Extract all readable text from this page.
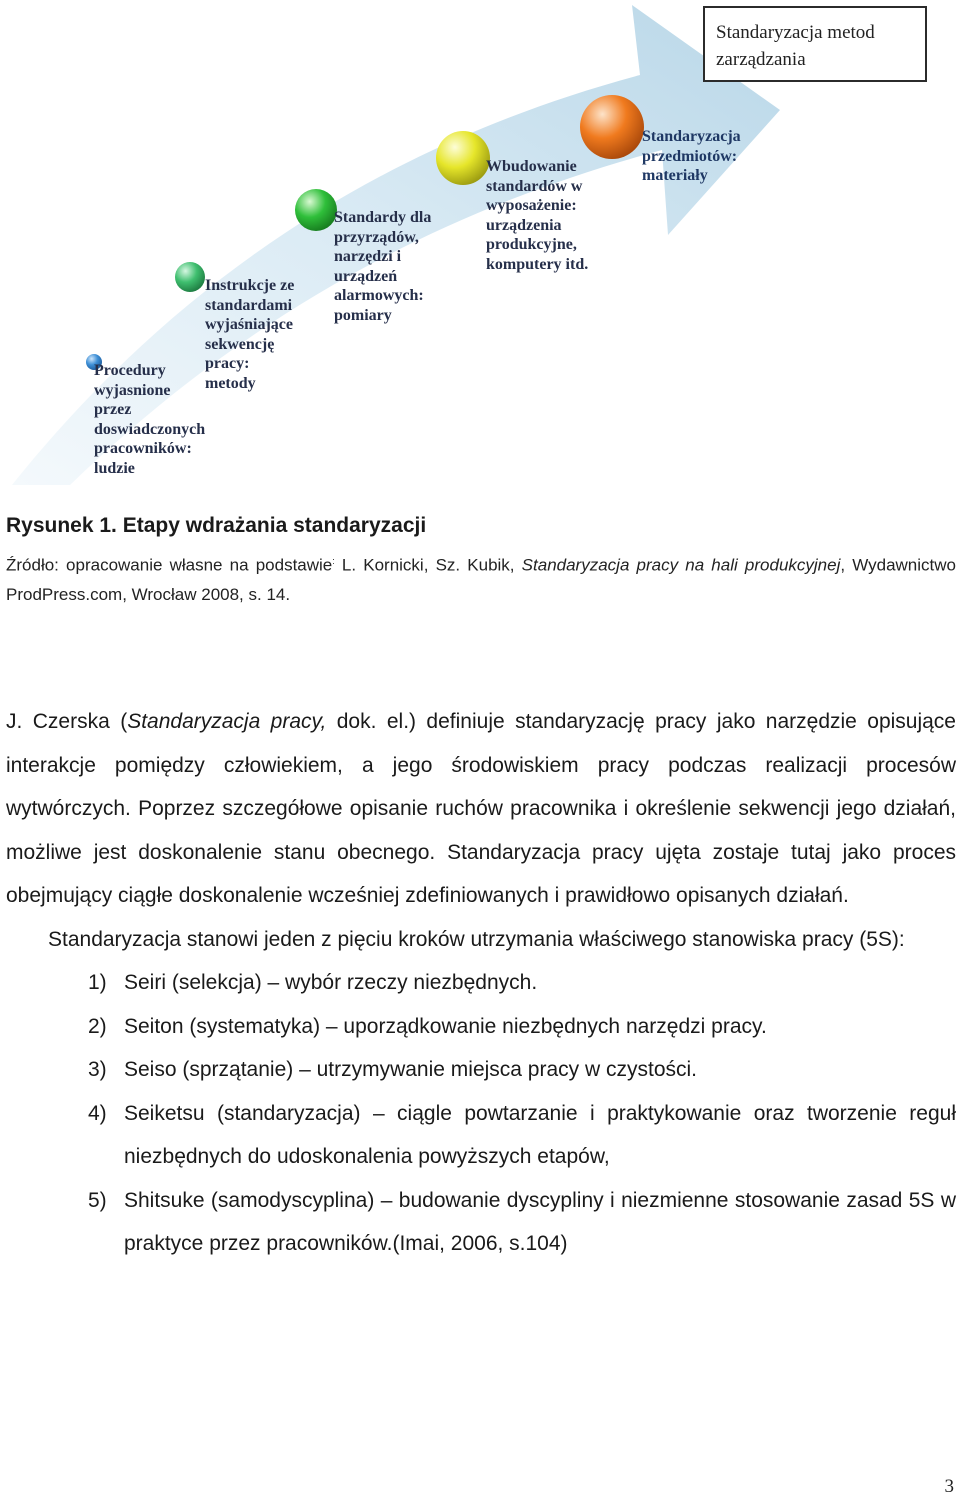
Procedury
wyjasnione
przez
doswiadczonych
pracowników:
ludzie
Instrukcje ze
standardami
wyjaśniające
sekwencję
pracy:
metody
Standardy dla
przyrządów,
narzędzi i
urządzeń
alarmowych:
pomiary
Wbudowanie
standardów w
wyposażenie:
urządzenia
produkcyjne,
komputery itd.
Standaryzacja
przedmiotów:
materiały
Standaryzacja metod
zarządzania
Rysunek 1. Etapy wdrażania standaryzacji
Źródło: opracowanie własne na podstawie: L. Kornicki, Sz. Kubik, Standaryzacja pracy na hali produkcyjnej, Wydawnictwo ProdPress.com, Wrocław 2008, s. 14.

J. Czerska (Standaryzacja pracy, dok. el.) definiuje standaryzację pracy jako narzędzie opisujące interakcje pomiędzy człowiekiem, a jego środowiskiem pracy podczas realizacji procesów wytwórczych. Poprzez szczegółowe opisanie ruchów pracownika i określenie sekwencji jego działań, możliwe jest doskonalenie stanu obecnego. Standaryzacja pracy ujęta zostaje tutaj jako proces obejmujący ciągłe doskonalenie wcześniej zdefiniowanych i prawidłowo opisanych działań.

Standaryzacja stanowi jeden z pięciu kroków utrzymania właściwego stanowiska pracy (5S):

1) Seiri (selekcja) – wybór rzeczy niezbędnych.
2) Seiton (systematyka) – uporządkowanie niezbędnych narzędzi pracy.
3) Seiso (sprzątanie) – utrzymywanie miejsca pracy w czystości.
4) Seiketsu (standaryzacja) – ciągle powtarzanie i praktykowanie oraz tworzenie reguł niezbędnych do udoskonalenia powyższych etapów,
5) Shitsuke (samodyscyplina) – budowanie dyscypliny i niezmienne stosowanie zasad 5S w praktyce przez pracowników.(Imai, 2006, s.104)
3
